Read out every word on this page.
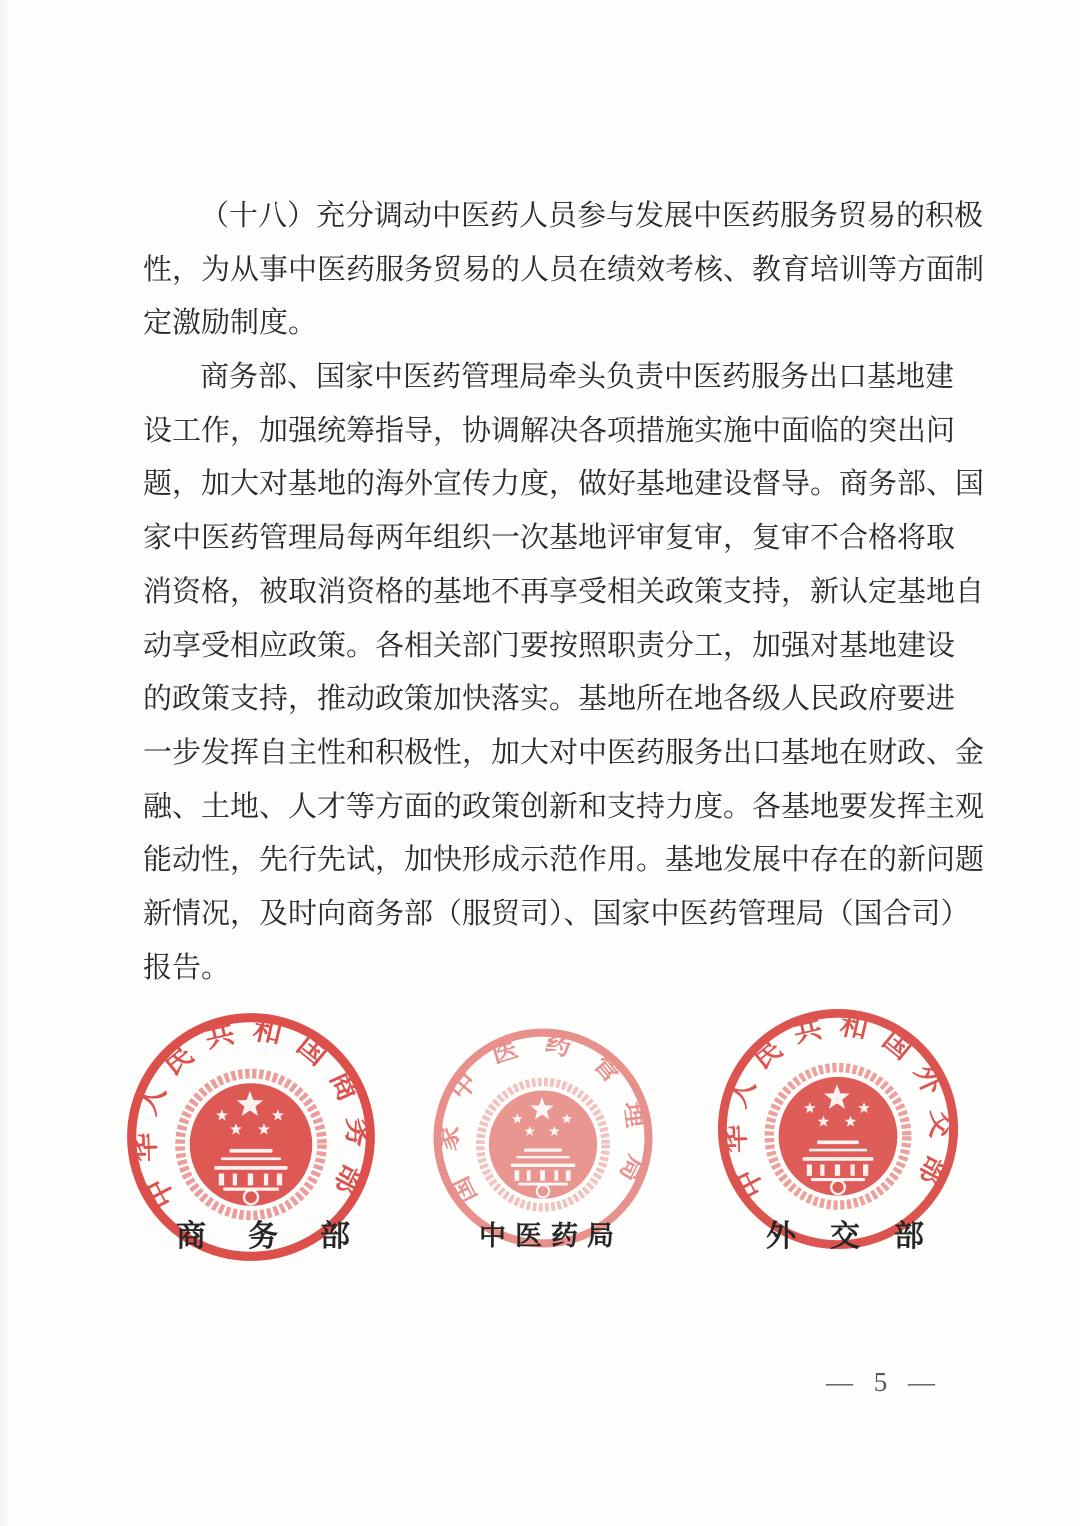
（十八）充分调动中医药人员参与发展中医药服务贸易的积极
性，为从事中医药服务贸易的人员在绩效考核、教育培训等方面制
定激励制度。
商务部、国家中医药管理局牵头负责中医药服务出口基地建
设工作，加强统筹指导，协调解决各项措施实施中面临的突出问
题，加大对基地的海外宣传力度，做好基地建设督导。商务部、国
家中医药管理局每两年组织一次基地评审复审，复审不合格将取
消资格，被取消资格的基地不再享受相关政策支持，新认定基地自
动享受相应政策。各相关部门要按照职责分工，加强对基地建设
的政策支持，推动政策加快落实。基地所在地各级人民政府要进
一步发挥自主性和积极性，加大对中医药服务出口基地在财政、金
融、土地、人才等方面的政策创新和支持力度。各基地要发挥主观
能动性，先行先试，加快形成示范作用。基地发展中存在的新问题
新情况，及时向商务部（服贸司）、国家中医药管理局（国合司）
报告。
中华人民共和国商务部 国家中医药管理局	中华人民共和国外交部
商务部	中医药局	外交部
— 5 —
